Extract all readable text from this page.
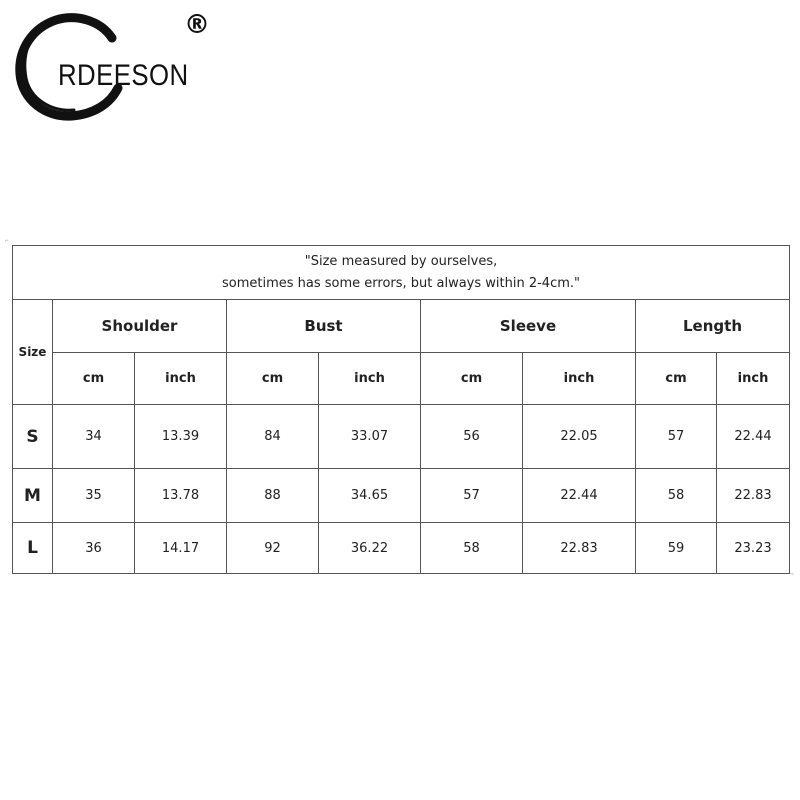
RDEESON
®
⌐
"Size measured by ourselves,
sometimes has some errors, but always within 2-4cm."								

Size	Shoulder		Bust		Sleeve		Length	
	cm	inch	cm	inch	cm	inch	cm	inch
S	34	13.39	84	33.07	56	22.05	57	22.44
M	35	13.78	88	34.65	57	22.44	58	22.83
L	36	14.17	92	36.22	58	22.83	59	23.23
¬
